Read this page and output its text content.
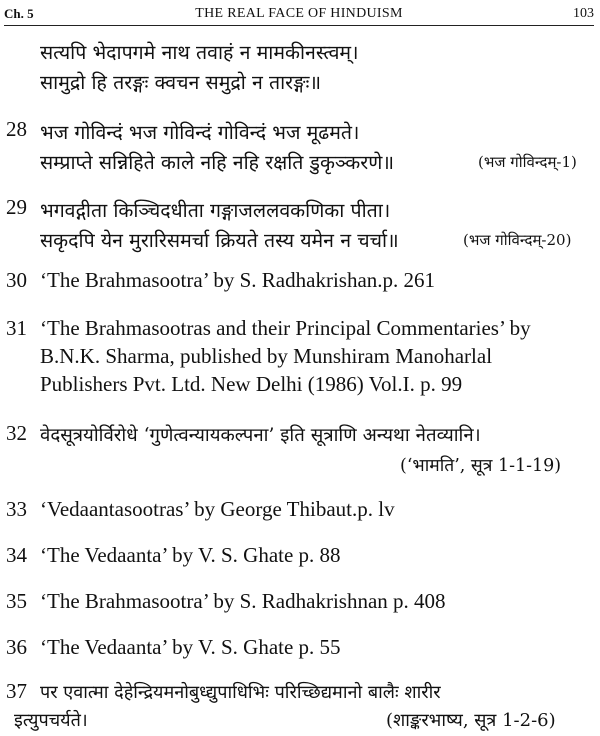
Ch. 5	THE REAL FACE OF HINDUISM	103
सत्यपि भेदापगमे नाथ तवाहं न मामकीनस्त्वम्।
सामुद्रो हि तरङ्गः क्वचन समुद्रो न तारङ्गः॥
28 भज गोविन्दं भज गोविन्दं गोविन्दं भज मूढमते।
सम्प्राप्ते सन्निहिते काले नहि नहि रक्षति डुकृञ्करणे॥	(भज गोविन्दम्-1)
29 भगवद्गीता किञ्चिदधीता गङ्गाजललवकणिका पीता।
सकृदपि येन मुरारिसमर्चा क्रियते तस्य यमेन न चर्चा॥	(भज गोविन्दम्-20)
30 ‘The Brahmasootra’ by S. Radhakrishan.p. 261
31 ‘The Brahmasootras and their Principal Commentaries’ by
B.N.K. Sharma, published by Munshiram Manoharlal
Publishers Pvt. Ltd. New Delhi (1986) Vol.I. p. 99
32 वेदसूत्रयोर्विरोधे ‘गुणेत्वन्यायकल्पना’ इति सूत्राणि अन्यथा नेतव्यानि।
(‘भामति’, सूत्र 1-1-19)
33 ‘Vedaantasootras’ by George Thibaut.p. lv
34 ‘The Vedaanta’ by V. S. Ghate p. 88
35 ‘The Brahmasootra’ by S. Radhakrishnan p. 408
36 ‘The Vedaanta’ by V. S. Ghate p. 55
37 पर एवात्मा देहेन्द्रियमनोबुध्द्युपाधिभिः परिच्छिद्यमानो बालैः शारीर
इत्युपचर्यते।	(शाङ्करभाष्य, सूत्र 1-2-6)
